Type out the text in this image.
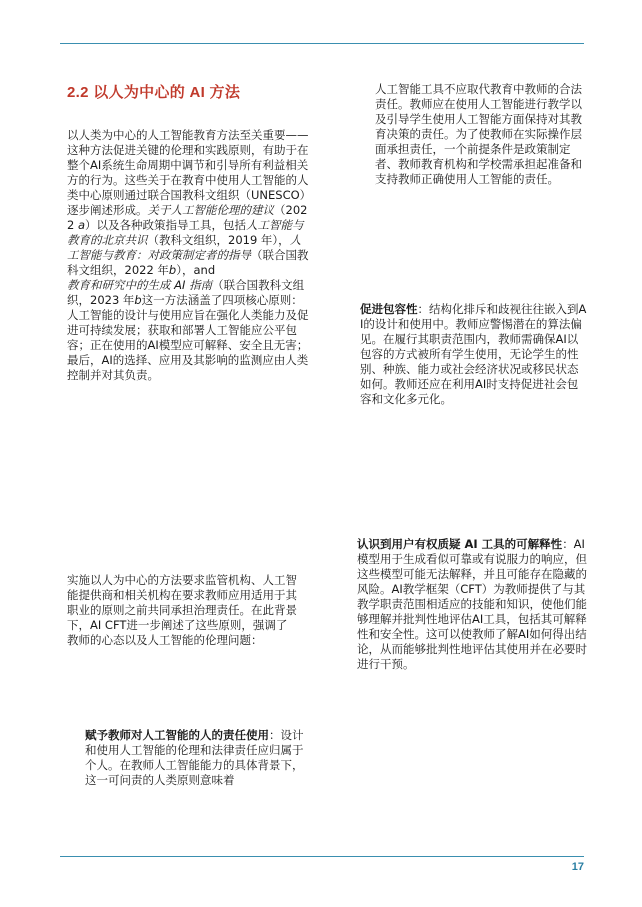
2.2 以人为中心的 AI 方法

以人类为中心的人工智能教育方法至关重要——这种方法促进关键的伦理和实践原则，有助于在整个AI系统生命周期中调节和引导所有利益相关方的行为。这些关于在教育中使用人工智能的人类中心原则通过联合国教科文组织（UNESCO）逐步阐述形成。关于人工智能伦理的建议（2022 a）以及各种政策指导工具，包括人工智能与教育的北京共识（教科文组织，2019 年），人工智能与教育：对政策制定者的指导（联合国教科文组织，2022 年b），and
教育和研究中的生成 AI 指南（联合国教科文组织，2023 年b这一方法涵盖了四项核心原则：人工智能的设计与使用应旨在强化人类能力及促进可持续发展；获取和部署人工智能应公平包容；正在使用的AI模型应可解释、安全且无害；最后，AI的选择、应用及其影响的监测应由人类控制并对其负责。

实施以人为中心的方法要求监管机构、人工智能提供商和相关机构在要求教师应用适用于其职业的原则之前共同承担治理责任。在此背景下，AI CFT进一步阐述了这些原则，强调了教师的心态以及人工智能的伦理问题：

赋予教师对人工智能的人的责任使用：设计和使用人工智能的伦理和法律责任应归属于个人。在教师人工智能能力的具体背景下，这一可问责的人类原则意味着

人工智能工具不应取代教育中教师的合法责任。教师应在使用人工智能进行教学以及引导学生使用人工智能方面保持对其教育决策的责任。为了使教师在实际操作层面承担责任，一个前提条件是政策制定者、教师教育机构和学校需承担起准备和支持教师正确使用人工智能的责任。

促进包容性：结构化排斥和歧视往往嵌入到AI的设计和使用中。教师应警惕潜在的算法偏见。在履行其职责范围内，教师需确保AI以包容的方式被所有学生使用，无论学生的性别、种族、能力或社会经济状况或移民状态如何。教师还应在利用AI时支持促进社会包容和文化多元化。

认识到用户有权质疑 AI 工具的可解释性：AI模型用于生成看似可靠或有说服力的响应，但这些模型可能无法解释，并且可能存在隐藏的风险。AI教学框架（CFT）为教师提供了与其教学职责范围相适应的技能和知识，使他们能够理解并批判性地评估AI工具，包括其可解释性和安全性。这可以使教师了解AI如何得出结论，从而能够批判性地评估其使用并在必要时进行干预。

17
